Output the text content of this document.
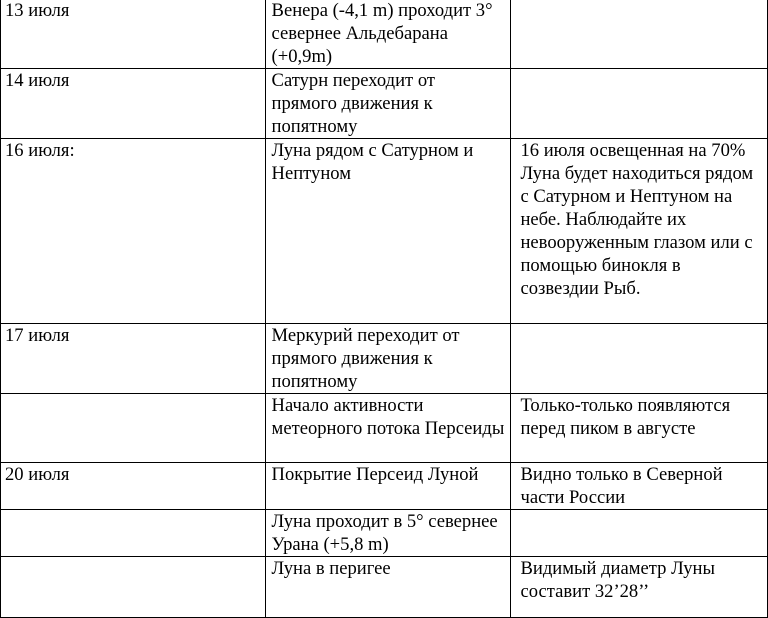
13 июля	Венера (-4,1 m) проходит 3° севернее Альдебарана (+0,9m)	
14 июля	Сатурн переходит от прямого движения к попятному	
16 июля:	Луна рядом с Сатурном и Нептуном	16 июля освещенная на 70% Луна будет находиться рядом с Сатурном и Нептуном на небе. Наблюдайте их невооруженным глазом или с помощью бинокля в созвездии Рыб.
17 июля	Меркурий переходит от прямого движения к попятному	
	Начало активности метеорного потока Персеиды	Только-только появляются перед пиком в августе
20 июля	Покрытие Персеид Луной	Видно только в Северной части России
	Луна проходит в 5° севернее Урана (+5,8 m)	
	Луна в перигее	Видимый диаметр Луны составит 32’28’’
